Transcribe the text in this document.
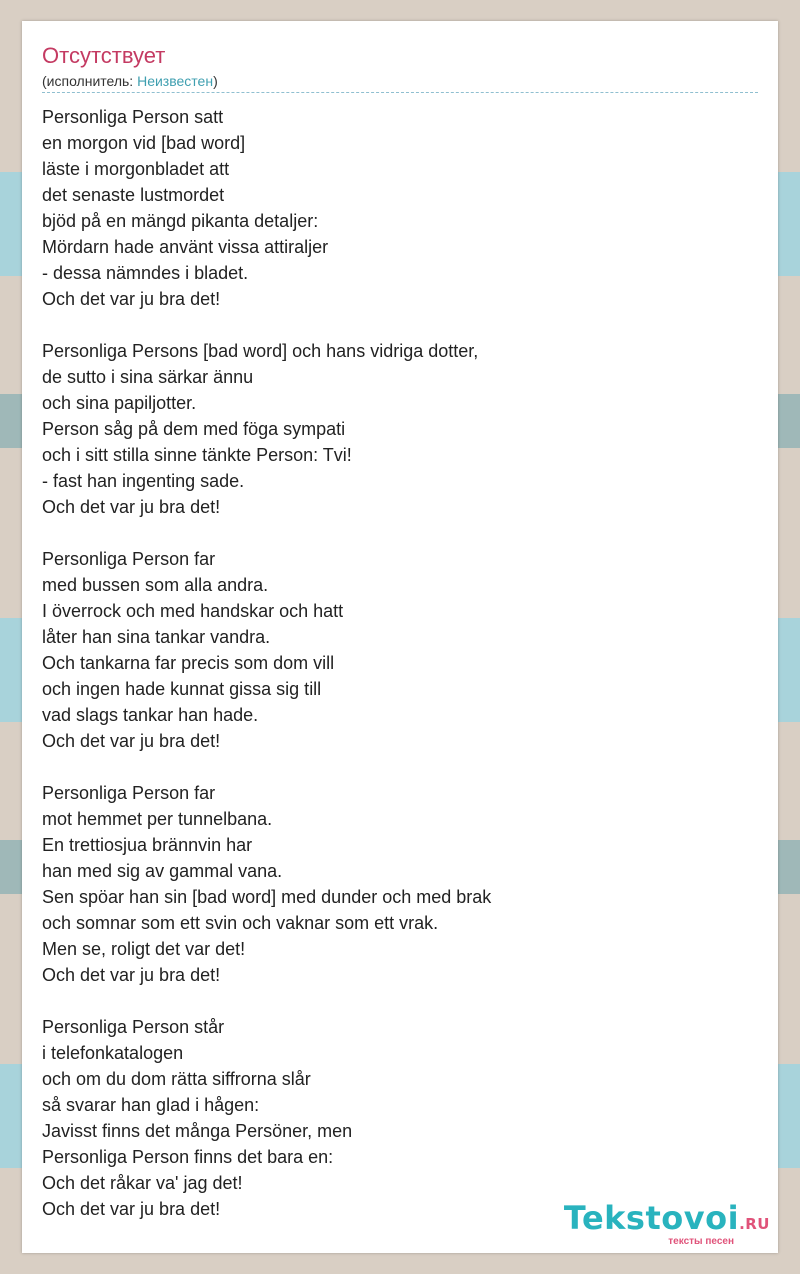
Отсутствует
(исполнитель: Неизвестен)
Personliga Person satt
en morgon vid [bad word]
läste i morgonbladet att
det senaste lustmordet
bjöd på en mängd pikanta detaljer:
Mördarn hade använt vissa attiraljer
- dessa nämndes i bladet.
Och det var ju bra det!
Personliga Persons [bad word] och hans vidriga dotter,
de sutto i sina särkar ännu
och sina papiljotter.
Person såg på dem med föga sympati
och i sitt stilla sinne tänkte Person: Tvi!
- fast han ingenting sade.
Och det var ju bra det!
Personliga Person far
med bussen som alla andra.
I överrock och med handskar och hatt
låter han sina tankar vandra.
Och tankarna far precis som dom vill
och ingen hade kunnat gissa sig till
vad slags tankar han hade.
Och det var ju bra det!
Personliga Person far
mot hemmet per tunnelbana.
En trettiosjua brännvin har
han med sig av gammal vana.
Sen spöar han sin [bad word] med dunder och med brak
och somnar som ett svin och vaknar som ett vrak.
Men se, roligt det var det!
Och det var ju bra det!
Personliga Person står
i telefonkatalogen
och om du dom rätta siffrorna slår
så svarar han glad i hågen:
Javisst finns det många Persöner, men
Personliga Person finns det bara en:
Och det råkar va' jag det!
Och det var ju bra det!	Tekstovoi.RU
тексты песен
